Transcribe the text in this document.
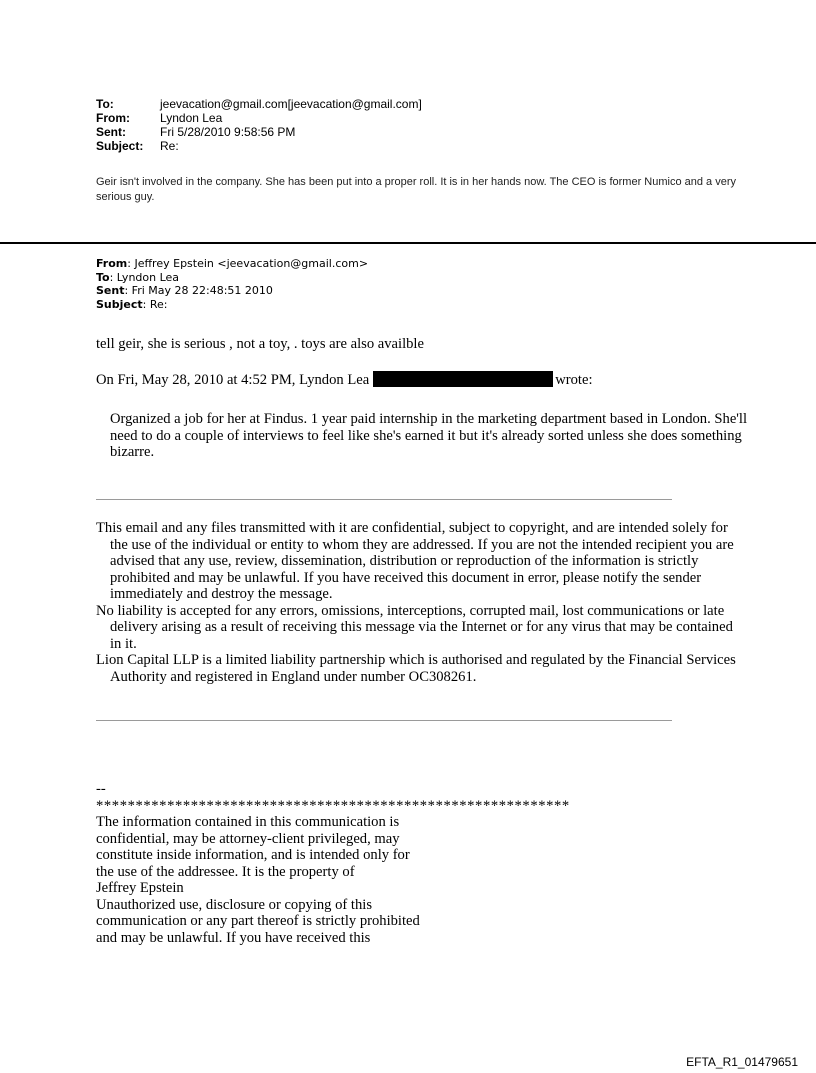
To:	jeevacation@gmail.com[jeevacation@gmail.com]
From:	Lyndon Lea
Sent:	Fri 5/28/2010 9:58:56 PM
Subject:	Re:
Geir isn't involved in the company. She has been put into a proper roll. It is in her hands now. The CEO is former Numico and a very serious guy.
From: Jeffrey Epstein <jeevacation@gmail.com>
To: Lyndon Lea
Sent: Fri May 28 22:48:51 2010
Subject: Re:
tell geir, she is serious , not a toy, . toys are also availble
On Fri, May 28, 2010 at 4:52 PM, Lyndon Lea	wrote:
Organized a job for her at Findus. 1 year paid internship in the marketing department based in London. She'll need to do a couple of interviews to feel like she's earned it but it's already sorted unless she does something bizarre.

This email and any files transmitted with it are confidential, subject to copyright, and are intended solely for the use of the individual or entity to whom they are addressed. If you are not the intended recipient you are advised that any use, review, dissemination, distribution or reproduction of the information is strictly prohibited and may be unlawful. If you have received this document in error, please notify the sender immediately and destroy the message.

No liability is accepted for any errors, omissions, interceptions, corrupted mail, lost communications or late delivery arising as a result of receiving this message via the Internet or for any virus that may be contained in it.

Lion Capital LLP is a limited liability partnership which is authorised and regulated by the Financial Services Authority and registered in England under number OC308261.

--
************************************************************
The information contained in this communication is
confidential, may be attorney-client privileged, may
constitute inside information, and is intended only for
the use of the addressee. It is the property of
Jeffrey Epstein
Unauthorized use, disclosure or copying of this
communication or any part thereof is strictly prohibited
and may be unlawful. If you have received this
EFTA_R1_01479651
